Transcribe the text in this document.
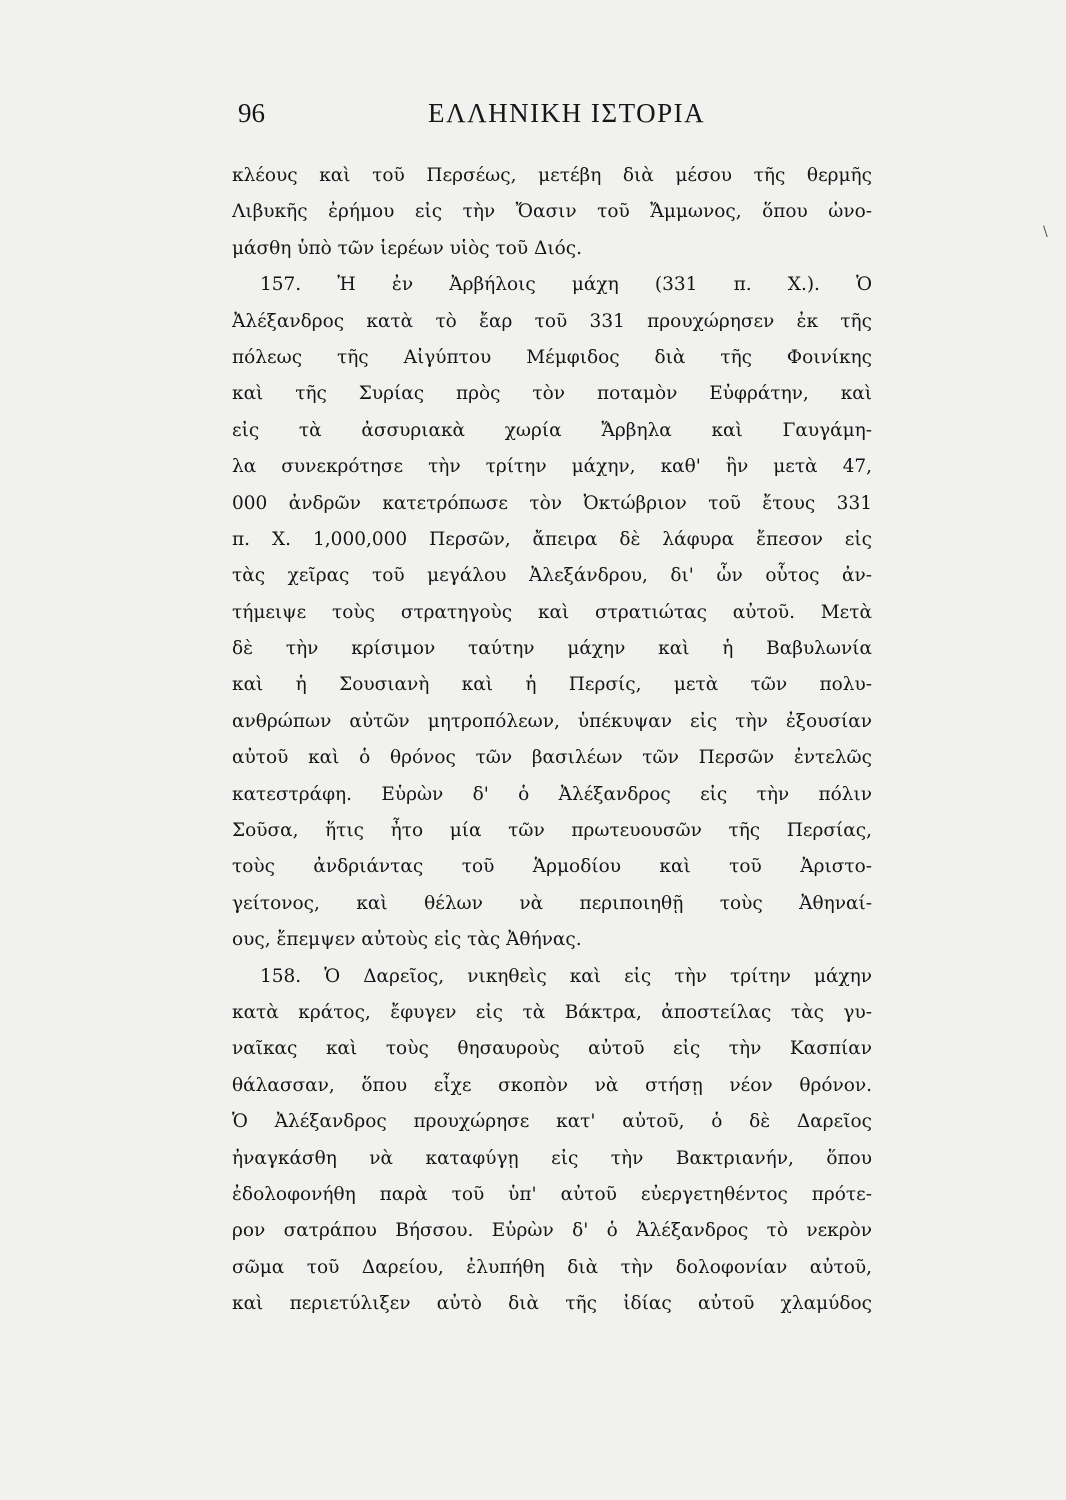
96	ΕΛΛΗΝΙΚΗ ΙΣΤΟΡΙΑ
\
κλέους καὶ τοῦ Περσέως, μετέβη διὰ μέσου τῆς θερμῆς
Λιβυκῆς ἐρήμου εἰς τὴν Ὄασιν τοῦ Ἄμμωνος, ὅπου ὠνο-
μάσθη ὑπὸ τῶν ἱερέων υἱὸς τοῦ Διός.
157. Ἡ ἐν Ἀρβήλοις μάχη (331 π. Χ.). Ὁ
Ἀλέξανδρος κατὰ τὸ ἔαρ τοῦ 331 προυχώρησεν ἐκ τῆς
πόλεως τῆς Αἰγύπτου Μέμφιδος διὰ τῆς Φοινίκης
καὶ τῆς Συρίας πρὸς τὸν ποταμὸν Εὐφράτην, καὶ
εἰς τὰ ἀσσυριακὰ χωρία Ἄρβηλα καὶ Γαυγάμη-
λα συνεκρότησε τὴν τρίτην μάχην, καθ' ἣν μετὰ 47,
000 ἀνδρῶν κατετρόπωσε τὸν Ὀκτώβριον τοῦ ἔτους 331
π. Χ. 1,000,000 Περσῶν, ἄπειρα δὲ λάφυρα ἔπεσον εἰς
τὰς χεῖρας τοῦ μεγάλου Ἀλεξάνδρου, δι' ὧν οὗτος ἀν-
τήμειψε τοὺς στρατηγοὺς καὶ στρατιώτας αὐτοῦ. Μετὰ
δὲ τὴν κρίσιμον ταύτην μάχην καὶ ἡ Βαβυλωνία
καὶ ἡ Σουσιανὴ καὶ ἡ Περσίς, μετὰ τῶν πολυ-
ανθρώπων αὐτῶν μητροπόλεων, ὑπέκυψαν εἰς τὴν ἐξουσίαν
αὐτοῦ καὶ ὁ θρόνος τῶν βασιλέων τῶν Περσῶν ἐντελῶς
κατεστράφη. Εὑρὼν δ' ὁ Ἀλέξανδρος εἰς τὴν πόλιν
Σοῦσα, ἥτις ἦτο μία τῶν πρωτευουσῶν τῆς Περσίας,
τοὺς ἀνδριάντας τοῦ Ἁρμοδίου καὶ τοῦ Ἀριστο-
γείτονος, καὶ θέλων νὰ περιποιηθῇ τοὺς Ἀθηναί-
ους, ἔπεμψεν αὐτοὺς εἰς τὰς Ἀθήνας.
158. Ὁ Δαρεῖος, νικηθεὶς καὶ εἰς τὴν τρίτην μάχην
κατὰ κράτος, ἔφυγεν εἰς τὰ Βάκτρα, ἀποστείλας τὰς γυ-
ναῖκας καὶ τοὺς θησαυροὺς αὐτοῦ εἰς τὴν Κασπίαν
θάλασσαν, ὅπου εἶχε σκοπὸν νὰ στήσῃ νέον θρόνον.
Ὁ Ἀλέξανδρος προυχώρησε κατ' αὐτοῦ, ὁ δὲ Δαρεῖος
ἠναγκάσθη νὰ καταφύγῃ εἰς τὴν Βακτριανήν, ὅπου
ἐδολοφονήθη παρὰ τοῦ ὑπ' αὐτοῦ εὐεργετηθέντος πρότε-
ρον σατράπου Βήσσου. Εὑρὼν δ' ὁ Ἀλέξανδρος τὸ νεκρὸν
σῶμα τοῦ Δαρείου, ἐλυπήθη διὰ τὴν δολοφονίαν αὐτοῦ,
καὶ περιετύλιξεν αὐτὸ διὰ τῆς ἰδίας αὐτοῦ χλαμύδος
